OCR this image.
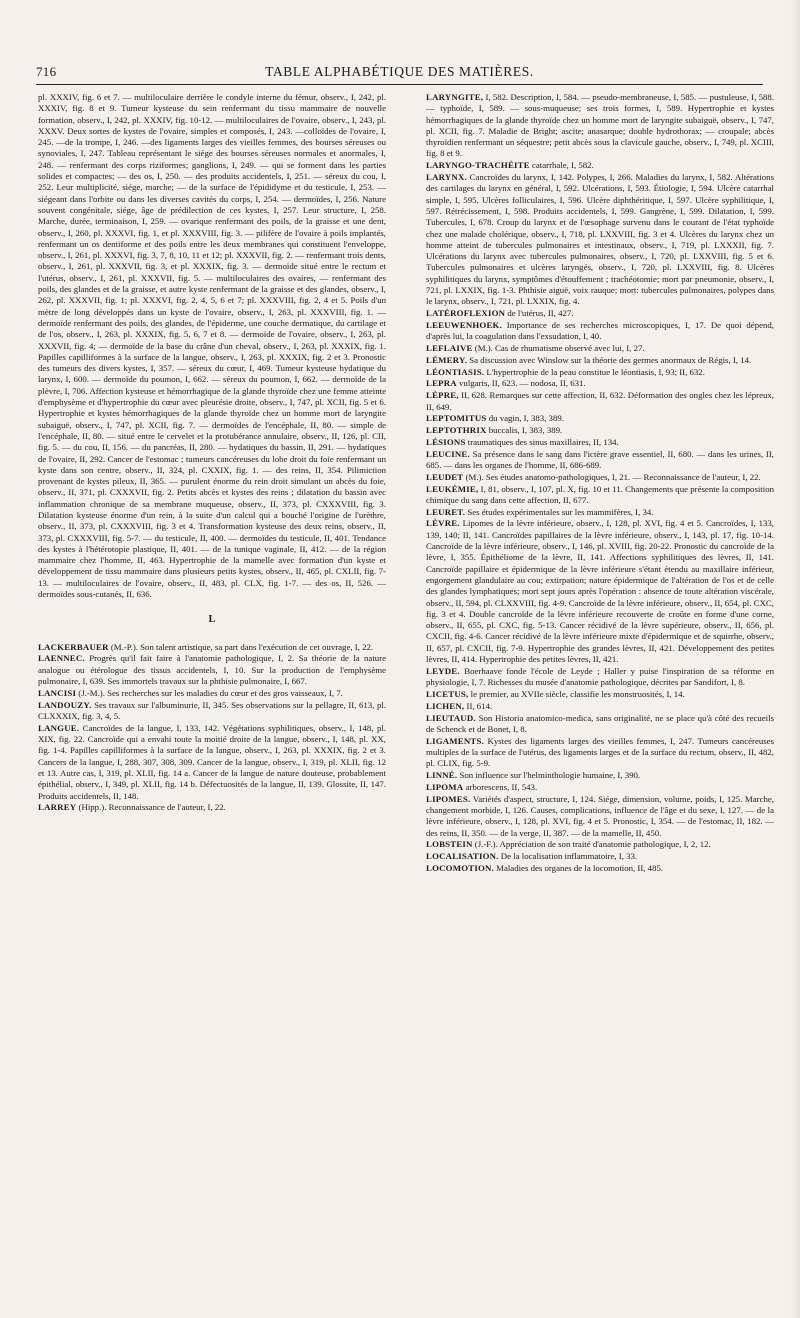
716	TABLE ALPHABÉTIQUE DES MATIÈRES.

pl. XXXIV, fig. 6 et 7. — multiloculaire derrière le condyle interne du fémur, observ., I, 242, pl. XXXIV, fig. 8 et 9. Tumeur kysteuse du sein renfermant du tissu mammaire de nouvelle formation, observ., I, 242, pl. XXXIV, fig. 10-12. — multiloculaires de l'ovaire, observ., I, 243, pl. XXXV. Deux sortes de kystes de l'ovaire, simples et composés, I, 243. —colloïdes de l'ovaire, I, 245. —de la trompe, I, 246. —des ligaments larges des vieilles femmes, des bourses séreuses ou synoviales, I, 247. Tableau représentant le siége des bourses séreuses normales et anormales, I, 248. — renfermant des corps riziformes; ganglions, I, 249. — qui se forment dans les parties solides et compactes; — des os, I, 250. — des produits accidentels, I, 251. — séreux du cou, I, 252. Leur multiplicité, siége, marche; — de la surface de l'épididyme et du testicule, I, 253. — siégeant dans l'orbite ou dans les diverses cavités du corps, I, 254. — dermoïdes, I, 256. Nature souvent congénitale, siége, âge de prédilection de ces kystes, I, 257. Leur structure, I, 258. Marche, durée, terminaison, I, 259. — ovarique renfermant des poils, de la graisse et une dent, observ., I, 260, pl. XXXVI, fig. 1, et pl. XXXVIII, fig. 3. — pilifère de l'ovaire à poils implantés, renfermant un os dentiforme et des poils entre les deux membranes qui constituent l'enveloppe, observ., I, 261, pl. XXXVI, fig. 3, 7, 8, 10, 11 et 12; pl. XXXVII, fig. 2. — renfermant trois dents, observ., I, 261, pl. XXXVII, fig. 3, et pl. XXXIX, fig. 3. — dermoïde situé entre le rectum et l'utérus, observ., I, 261, pl. XXXVII, fig. 5. — multiloculaires des ovaires, — renfermant des poils, des glandes et de la graisse, et autre kyste renfermant de la graisse et des glandes, observ., I, 262, pl. XXXVII, fig. 1; pl. XXXVI, fig. 2, 4, 5, 6 et 7; pl. XXXVIII, fig. 2, 4 et 5. Poils d'un mètre de long développés dans un kyste de l'ovaire, observ., I, 263, pl. XXXVIII, fig. 1. — dermoïde renfermant des poils, des glandes, de l'épiderme, une couche dermatique, du cartilage et de l'os, observ., I, 263, pl. XXXIX, fig. 5, 6, 7 et 8. — dermoïde de l'ovaire, observ., I, 263, pl. XXXVII, fig. 4; — dermoïde de la base du crâne d'un cheval, observ., I, 263, pl. XXXIX, fig. 1. Papilles capilliformes à la surface de la langue, observ., I, 263, pl. XXXIX, fig. 2 et 3. Pronostic des tumeurs des divers kystes, I, 357. — séreux du cœur, I, 469. Tumeur kysteuse hydatique du larynx, I, 600. — dermoïde du poumon, I, 662. — séreux du poumon, I, 662. — dermoïde de la plèvre, I, 706. Affection kysteuse et hémorrhagique de la glande thyroïde chez une femme atteinte d'emphysème et d'hypertrophie du cœur avec pleurésie droite, observ., I, 747, pl. XCII, fig. 5 et 6. Hypertrophie et kystes hémorrhagiques de la glande thyroïde chez un homme mort de laryngite subaiguë, observ., I, 747, pl. XCII, fig. 7. — dermoïdes de l'encéphale, II, 80. — simple de l'encéphale, II, 80. — situé entre le cervelet et la protubérance annulaire, observ., II, 126, pl. CII, fig. 5. — du cou, II, 156. — du pancréas, II, 280. — hydatiques du bassin, II, 291. — hydatiques de l'ovaire, II, 292. Cancer de l'estomac ; tumeurs cancéreuses du lobe droit du foie renfermant un kyste dans son centre, observ., II, 324, pl. CXXIX, fig. 1. — des reins, II, 354. Pilimiction provenant de kystes pileux, II, 365. — purulent énorme du rein droit simulant un abcès du foie, observ., II, 371, pl. CXXXVII, fig. 2. Petits abcès et kystes des reins ; dilatation du bassin avec inflammation chronique de sa membrane muqueuse, observ., II, 373, pl. CXXXVIII, fig. 3. Dilatation kysteuse énorme d'un rein, à la suite d'un calcul qui a bouché l'origine de l'urèthre, observ., II, 373, pl. CXXXVIII, fig. 3 et 4. Transformation kysteuse des deux reins, observ., II, 373, pl. CXXXVIII, fig. 5-7. — du testicule, II, 400. — dermoïdes du testicule, II, 401. Tendance des kystes à l'hétérotopie plastique, II, 401. — de la tunique vaginale, II, 412. — de la région mammaire chez l'homme, II, 463. Hypertrophie de la mamelle avec formation d'un kyste et développement de tissu mammaire dans plusieurs petits kystes, observ., II, 465, pl. CXLII, fig. 7-13. — multiloculaires de l'ovaire, observ., II, 483, pl. CLX, fig. 1-7. — des os, II, 526. — dermoïdes sous-cutanés, II, 636.

L

LACKERBAUER (M.-P.). Son talent artistique, sa part dans l'exécution de cet ouvrage, I, 22.

LAENNEC. Progrès qu'il fait faire à l'anatomie pathologique, I, 2. Sa théorie de la nature analogue ou étérologue des tissus accidentels, I, 10. Sur la production de l'emphysème pulmonaire, I, 639. Ses immortels travaux sur la phthisie pulmonaire, I, 667.

LANCISI (J.-M.). Ses recherches sur les maladies du cœur et des gros vaisseaux, I, 7.

LANDOUZY. Ses travaux sur l'albuminurie, II, 345. Ses observations sur la pellagre, II, 613, pl. CLXXXIX, fig. 3, 4, 5.

LANGUE. Cancroïdes de la langue, I, 133, 142. Végétations syphilitiques, observ., I, 148, pl. XIX, fig. 22. Cancroïde qui a envahi toute la moitié droite de la langue, observ., I, 148, pl. XX, fig. 1-4. Papilles capilliformes à la surface de la langue, observ., I, 263, pl. XXXIX, fig. 2 et 3. Cancers de la langue, I, 288, 307, 308, 309. Cancer de la langue, observ., I, 319, pl. XLII, fig. 12 et 13. Autre cas, I, 319, pl. XLII, fig. 14 a. Cancer de la langue de nature douteuse, probablement épithélial, observ., I, 349, pl. XLII, fig. 14 b. Défectuosités de la langue, II, 139. Glossite, II, 147. Produits accidentels, II, 148.

LARREY (Hipp.). Reconnaissance de l'auteur, I, 22.

LARYNGITE, I, 582. Description, I, 584. — pseudo-membraneuse, I, 585. — pustuleuse, I, 588. — typhoïde, I, 589. — sous-muqueuse; ses trois formes, I, 589. Hypertrophie et kystes hémorrhagiques de la glande thyroïde chez un homme mort de laryngite subaiguë, observ., I, 747, pl. XCII, fig. 7. Maladie de Bright; ascite; anasarque; double hydrothorax; — croupale; abcès thyroïdien renfermant un séquestre; petit abcès sous la clavicule gauche, observ., I, 749, pl. XCIII, fig. 8 et 9.

LARYNGO-TRACHÉITE catarrhale, I, 582.

LARYNX. Cancroïdes du larynx, I, 142. Polypes, I, 266. Maladies du larynx, I, 582. Altérations des cartilages du larynx en général, I, 592. Ulcérations, I, 593. Étiologie, I, 594. Ulcère catarrhal simple, I, 595. Ulcères folliculaires, I, 596. Ulcère diphthéritique, I, 597. Ulcère syphilitique, I, 597. Rétrécissement, I, 598. Produits accidentels, I, 599. Gangrène, I, 599. Dilatation, I, 599. Tubercules, I, 678. Croup du larynx et de l'œsophage survenu dans le courant de l'état typhoïde chez une malade cholérique, observ., I, 718, pl. LXXVIII, fig. 3 et 4. Ulcères du larynx chez un homme atteint de tubercules pulmonaires et intestinaux, observ., I, 719, pl. LXXXII, fig. 7. Ulcérations du larynx avec tubercules pulmonaires, observ., I, 720, pl. LXXVIII, fig. 5 et 6. Tubercules pulmonaires et ulcères laryngés, observ., I, 720, pl. LXXVIII, fig. 8. Ulcères syphilitiques du larynx, symptômes d'étouffement ; trachéotomie; mort par pneumonie, observ., I, 721, pl. LXXIX, fig. 1-3. Phthisie aiguë, voix rauque; mort: tubercules pulmonaires, polypes dans le larynx, observ., I, 721, pl. LXXIX, fig. 4.

LATÉROFLEXION de l'utérus, II, 427.

LEEUWENHOEK. Importance de ses recherches microscopiques, I, 17. De quoi dépend, d'après lui, la coagulation dans l'exsudation, I, 40.

LEFLAIVE (M.). Cas de rhumatisme observé avec lui, I, 27.

LÉMERY. Sa discussion avec Winslow sur la théorie des germes anormaux de Régis, I, 14.

LÉONTIASIS. L'hypertrophie de la peau constitue le léontiasis, I, 93; II, 632.

LEPRA vulgaris, II, 623. — nodosa, II, 631.

LÈPRE, II, 628. Remarques sur cette affection, II, 632. Déformation des ongles chez les lépreux, II, 649.

LEPTOMITUS du vagin, I, 383, 389.

LEPTOTHRIX buccalis, I, 383, 389.

LÉSIONS traumatiques des sinus maxillaires, II, 134.

LEUCINE. Sa présence dans le sang dans l'ictère grave essentiel, II, 680. — dans les urines, II, 685. — dans les organes de l'homme, II, 686-689.

LEUDET (M.). Ses études anatomo-pathologiques, I, 21. — Reconnaissance de l'auteur, I, 22.

LEUKÉMIE, I, 81, observ., I, 107, pl. X, fig. 10 et 11. Changements que présente la composition chimique du sang dans cette affection, II, 677.

LEURET. Ses études expérimentales sur les mammifères, I, 34.

LÈVRE. Lipomes de la lèvre inférieure, observ., I, 128, pl. XVI, fig. 4 et 5. Cancroïdes, I, 133, 139, 140; II, 141. Cancroïdes papillaires de la lèvre inférieure, observ., I, 143, pl. 17, fig. 10-14. Cancroïde de la lèvre inférieure, observ., I, 146, pl. XVIII, fig. 20-22. Pronostic du cancroïde de la lèvre, I, 355. Épithéliome de la lèvre, II, 141. Affections syphilitiques des lèvres, II, 141. Cancroïde papillaire et épidermique de la lèvre inférieure s'étant étendu au maxillaire inférieur, engorgement glandulaire au cou; extirpation; nature épidermique de l'altération de l'os et de celle des glandes lymphatiques; mort sept jours après l'opération : absence de toute altération viscérale, observ., II, 594, pl. CLXXVIII, fig. 4-9. Cancroïde de la lèvre inférieure, observ., II, 654, pl. CXC, fig. 3 et 4. Double cancroïde de la lèvre inférieure recouverte de croûte en forme d'une corne, observ., II, 655, pl. CXC, fig. 5-13. Cancer récidivé de la lèvre supérieure, observ., II, 656, pl. CXCII, fig. 4-6. Cancer récidivé de la lèvre inférieure mixte d'épidermique et de squirrhe, observ., II, 657, pl. CXCII, fig. 7-9. Hypertrophie des grandes lèvres, II, 421. Développement des petites lèvres, II, 414. Hypertrophie des petites lèvres, II, 421.

LEYDE. Boerhaave fonde l'école de Leyde ; Haller y puise l'inspiration de sa réforme en physiologie, I, 7. Richesses du musée d'anatomie pathologique, décrites par Sandifort, I, 8.

LICETUS, le premier, au XVIIe siècle, classifie les monstruosités, I, 14.

LICHEN, II, 614.

LIEUTAUD. Son Historia anatomico-medica, sans originalité, ne se place qu'à côté des recueils de Schenck et de Bonet, I, 8.

LIGAMENTS. Kystes des ligaments larges des vieilles femmes, I, 247. Tumeurs cancéreuses multiples de la surface de l'utérus, des ligaments larges et de la surface du rectum, observ., II, 482, pl. CLIX, fig. 5-9.

LINNÉ. Son influence sur l'helminthologie humaine, I, 390.

LIPOMA arborescens, II, 543.

LIPOMES. Variétés d'aspect, structure, I, 124. Siége, dimension, volume, poids, I, 125. Marche, changement morbide, I, 126. Causes, complications, influence de l'âge et du sexe, I, 127. — de la lèvre inférieure, observ., I, 128, pl. XVI, fig. 4 et 5. Pronostic, I, 354. — de l'estomac, II, 182. — des reins, II, 350. — de la verge, II, 387. — de la mamelle, II, 450.

LOBSTEIN (J.-F.). Appréciation de son traité d'anatomie pathologique, I, 2, 12.

LOCALISATION. De la localisation inflammatoire, I, 33.

LOCOMOTION. Maladies des organes de la locomotion, II, 485.
